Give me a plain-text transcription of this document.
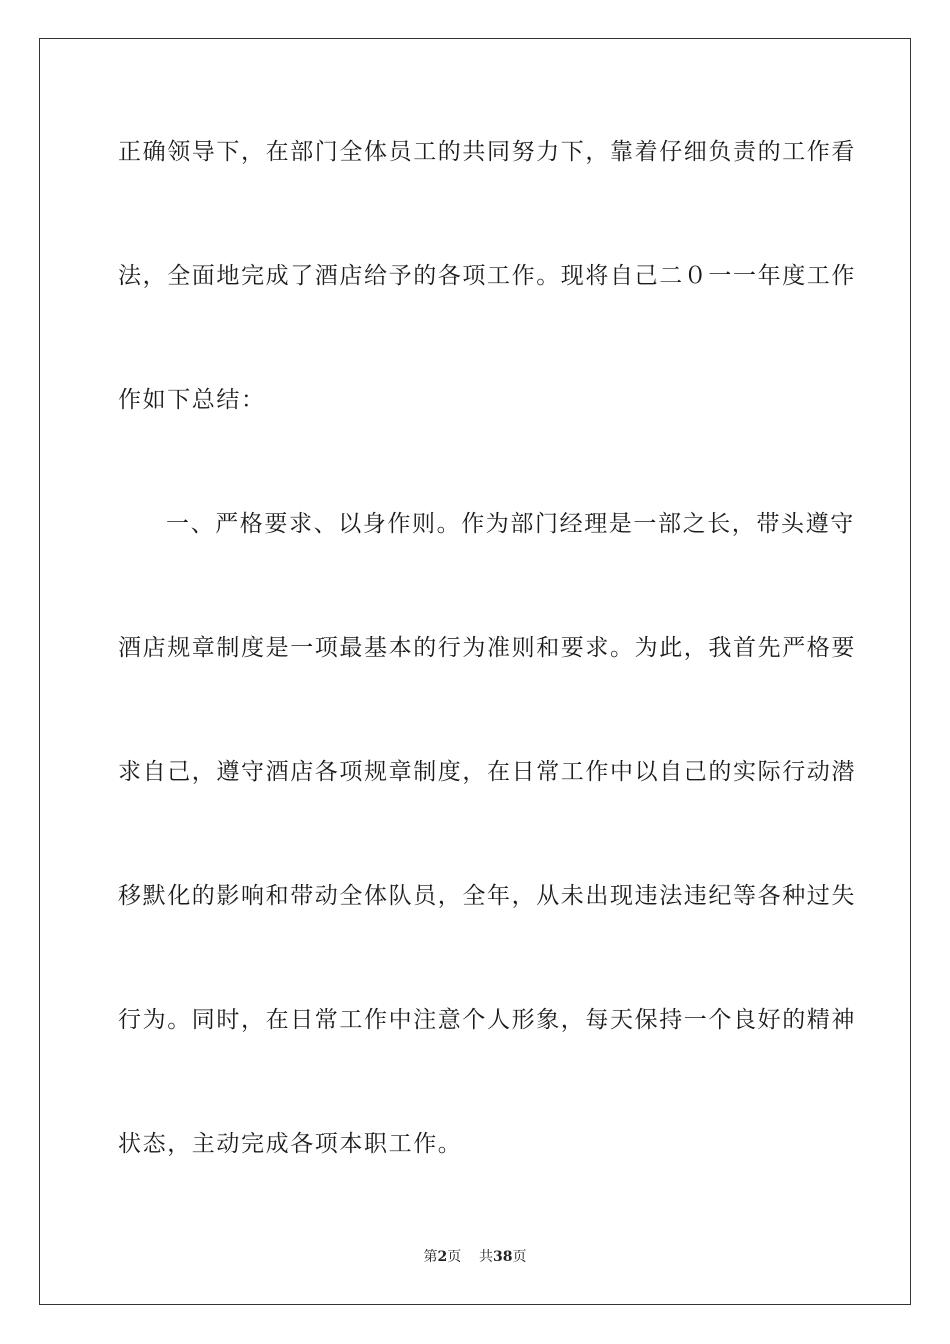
正确领导下，在部门全体员工的共同努力下，靠着仔细负责的工作看
法，全面地完成了酒店给予的各项工作。现将自己二０一一年度工作
作如下总结：
一、严格要求、以身作则。作为部门经理是一部之长，带头遵守
酒店规章制度是一项最基本的行为准则和要求。为此，我首先严格要
求自己，遵守酒店各项规章制度，在日常工作中以自己的实际行动潜
移默化的影响和带动全体队员，全年，从未出现违法违纪等各种过失
行为。同时，在日常工作中注意个人形象，每天保持一个良好的精神
状态，主动完成各项本职工作。
第2页 共38页
